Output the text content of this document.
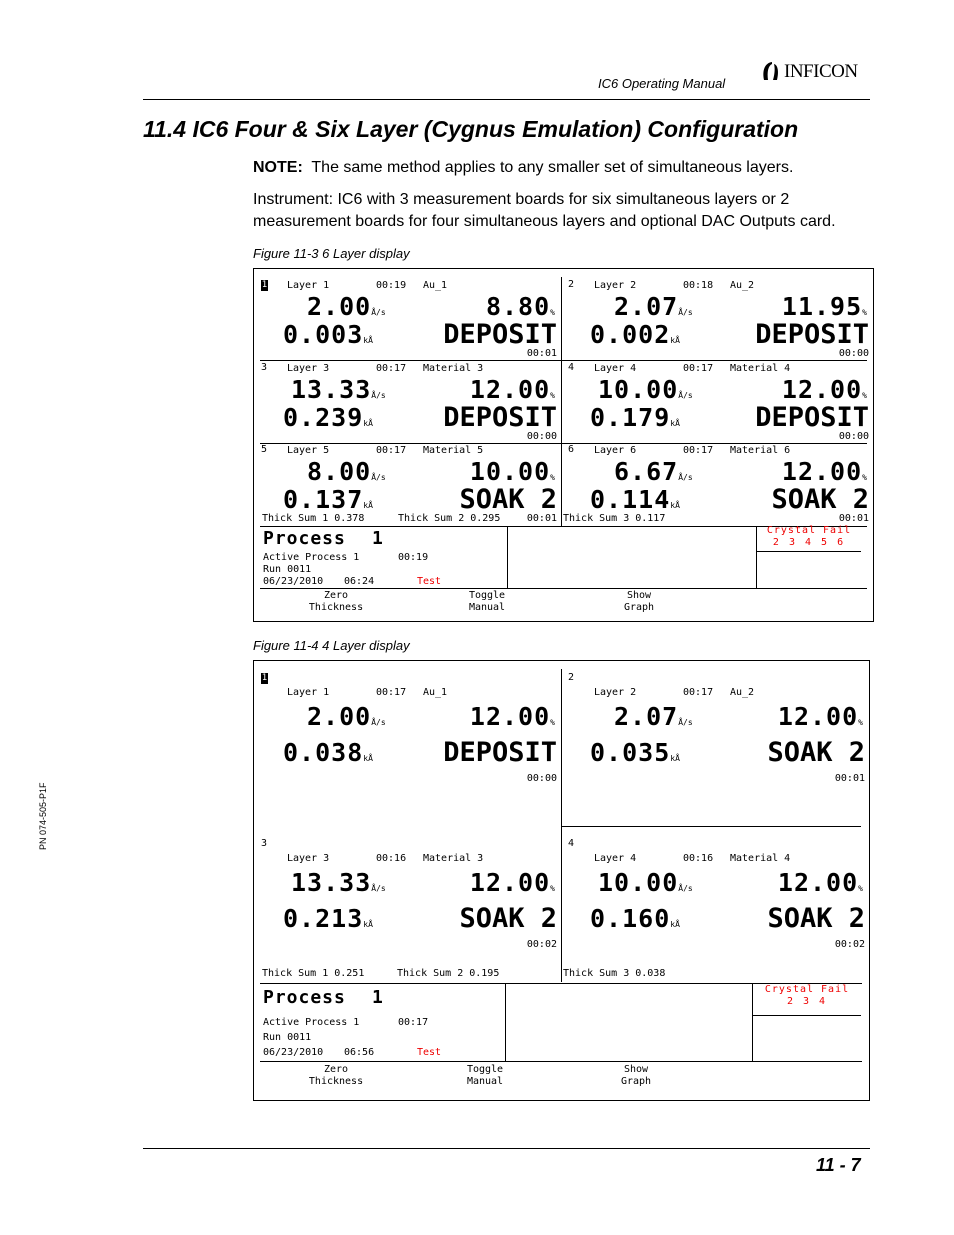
IC6 Operating Manual
INFICON
11.4 IC6 Four & Six Layer (Cygnus Emulation) Configuration
NOTE: The same method applies to any smaller set of simultaneous layers.
Instrument: IC6 with 3 measurement boards for six simultaneous layers or 2
measurement boards for four simultaneous layers and optional DAC Outputs card.
Figure 11-3 6 Layer display
1 Layer 1	00:19 Au_1
2.00Å/s	8.80%
0.003kÅ	DEPOSIT
00:01
2 Layer 2	00:18 Au_2
2.07Å/s	11.95%
0.002kÅ	DEPOSIT
00:00
3 Layer 3	00:17 Material 3
13.33Å/s	12.00%
0.239kÅ	DEPOSIT
00:00
4 Layer 4	00:17 Material 4
10.00Å/s	12.00%
0.179kÅ	DEPOSIT
00:00
5 Layer 5	00:17 Material 5
8.00Å/s	10.00%
0.137kÅ	SOAK 2
00:01
6 Layer 6	00:17 Material 6
6.67Å/s	12.00%
0.114kÅ	SOAK 2
00:01
Thick Sum 1 0.378	Thick Sum 2 0.295	Thick Sum 3 0.117
Process 1
Active Process 1	00:19
Run 0011
06/23/2010 06:24	Test
Crystal Fail
2 3 4 5 6
Zero
Thickness
Toggle
Manual
Show
Graph
Figure 11-4 4 Layer display
1
Layer 1	00:17 Au_1
2.00Å/s	12.00%
0.038kÅ	DEPOSIT
00:00
2
Layer 2	00:17 Au_2
2.07Å/s	12.00%
0.035kÅ	SOAK 2
00:01
3
Layer 3	00:16 Material 3
13.33Å/s	12.00%
0.213kÅ	SOAK 2
00:02
4
Layer 4	00:16 Material 4
10.00Å/s	12.00%
0.160kÅ	SOAK 2
00:02
Thick Sum 1 0.251	Thick Sum 2 0.195	Thick Sum 3 0.038
Process 1
Active Process 1	00:17
Run 0011
06/23/2010 06:56	Test
Crystal Fail
2 3 4
Zero
Thickness
Toggle
Manual
Show
Graph
PN 074-505-P1F
11 - 7
